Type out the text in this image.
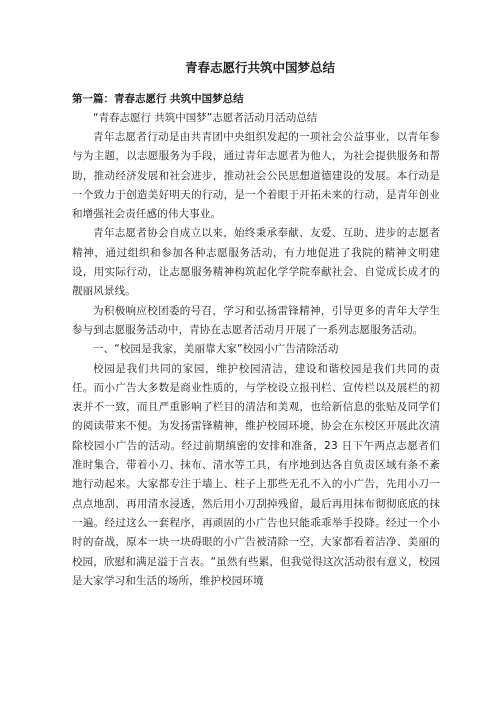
青春志愿行共筑中国梦总结
第一篇：青春志愿行 共筑中国梦总结

“青春志愿行 共筑中国梦”志愿者活动月活动总结

青年志愿者行动是由共青团中央组织发起的一项社会公益事业，以青年参与为主题，以志愿服务为手段，通过青年志愿者为他人，为社会提供服务和帮助，推动经济发展和社会进步，推动社会公民思想道德建设的发展。本行动是一个致力于创造美好明天的行动，是一个着眼于开拓未来的行动，是青年创业和增强社会责任感的伟大事业。

青年志愿者协会自成立以来，始终秉承奉献、友爱、互助、进步的志愿者精神，通过组织和参加各种志愿服务活动，有力地促进了我院的精神文明建设，用实际行动，让志愿服务精神构筑起化学学院奉献社会、自觉成长成才的靓丽风景线。

为积极响应校团委的号召，学习和弘扬雷锋精神，引导更多的青年大学生参与到志愿服务活动中，青协在志愿者活动月开展了一系列志愿服务活动。

一、“校园是我家，美丽靠大家”校园小广告清除活动

校园是我们共同的家园，维护校园清洁，建设和谐校园是我们共同的责任。而小广告大多数是商业性质的，与学校设立报刊栏、宣传栏以及展栏的初衷并不一致，而且严重影响了栏目的清洁和美观，也给新信息的张贴及同学们的阅读带来不便。为发扬雷锋精神，维护校园环境，协会在东校区开展此次清除校园小广告的活动。经过前期缜密的安排和准备，23 日下午两点志愿者们准时集合，带着小刀、抹布、清水等工具，有序地到达各自负责区域有条不紊地行动起来。大家都专注于墙上、柱子上那些无孔不入的小广告，先用小刀一点点地刮，再用清水浸透，然后用小刀刮掉残留，最后再用抹布彻彻底底的抹一遍。经过这么一套程序，再顽固的小广告也只能乖乖举手投降。经过一个小时的奋战，原本一块一块碍眼的小广告被清除一空，大家都看着洁净、美丽的校园，欣慰和满足溢于言表。“虽然有些累，但我觉得这次活动很有意义，校园是大家学习和生活的场所，维护校园环境
